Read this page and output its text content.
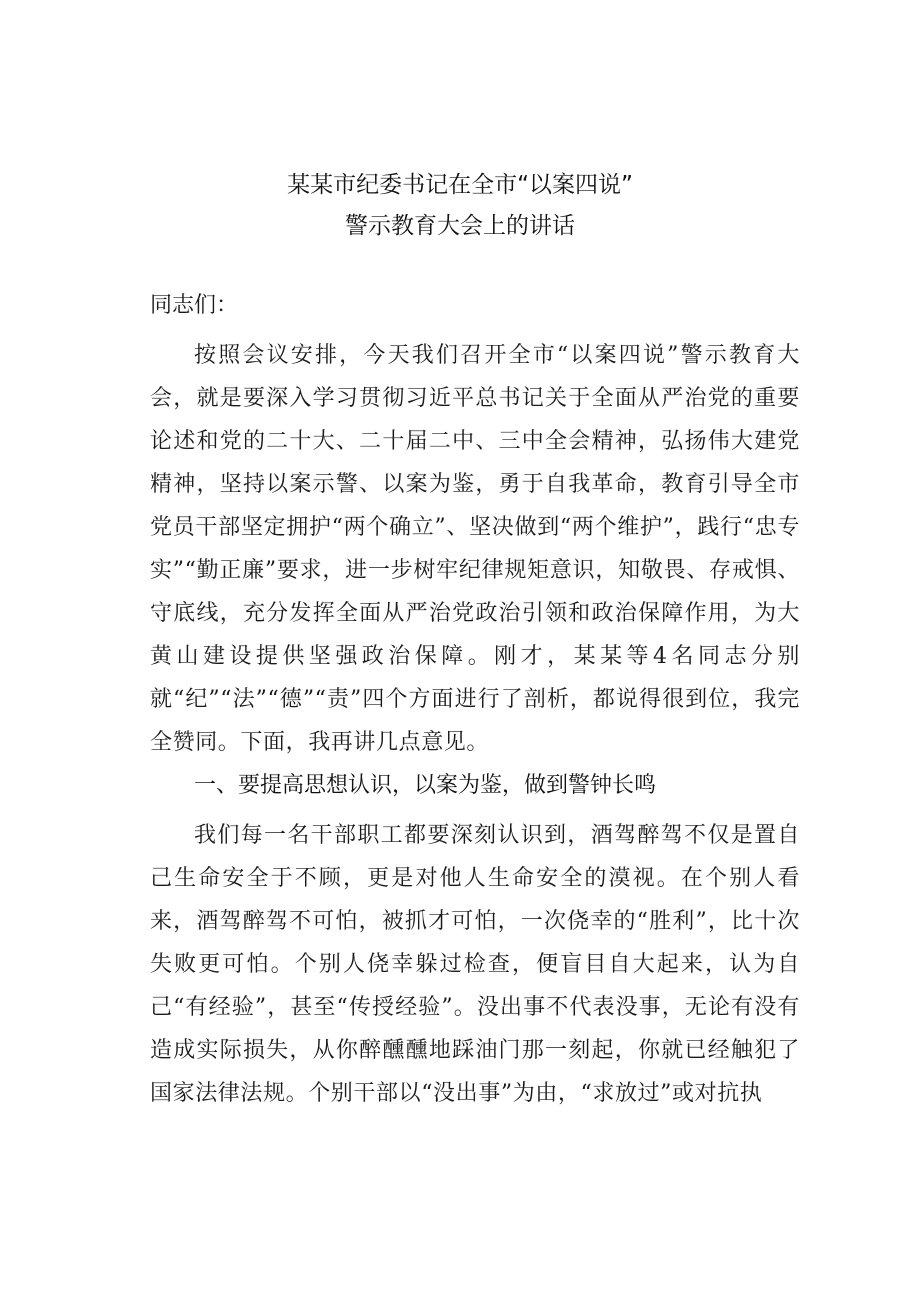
某某市纪委书记在全市“以案四说”
警示教育大会上的讲话
同志们：

按照会议安排，今天我们召开全市“以案四说”警示教育大会，就是要深入学习贯彻习近平总书记关于全面从严治党的重要论述和党的二十大、二十届二中、三中全会精神，弘扬伟大建党精神，坚持以案示警、以案为鉴，勇于自我革命，教育引导全市党员干部坚定拥护“两个确立”、坚决做到“两个维护”，践行“忠专实”“勤正廉”要求，进一步树牢纪律规矩意识，知敬畏、存戒惧、守底线，充分发挥全面从严治党政治引领和政治保障作用，为大黄山建设提供坚强政治保障。刚才，某某等4名同志分别就“纪”“法”“德”“责”四个方面进行了剖析，都说得很到位，我完全赞同。下面，我再讲几点意见。

一、要提高思想认识，以案为鉴，做到警钟长鸣

我们每一名干部职工都要深刻认识到，酒驾醉驾不仅是置自己生命安全于不顾，更是对他人生命安全的漠视。在个别人看来，酒驾醉驾不可怕，被抓才可怕，一次侥幸的“胜利”，比十次失败更可怕。个别人侥幸躲过检查，便盲目自大起来，认为自己“有经验”，甚至“传授经验”。没出事不代表没事，无论有没有造成实际损失，从你醉醺醺地踩油门那一刻起，你就已经触犯了国家法律法规。个别干部以“没出事”为由，“求放过”或对抗执
